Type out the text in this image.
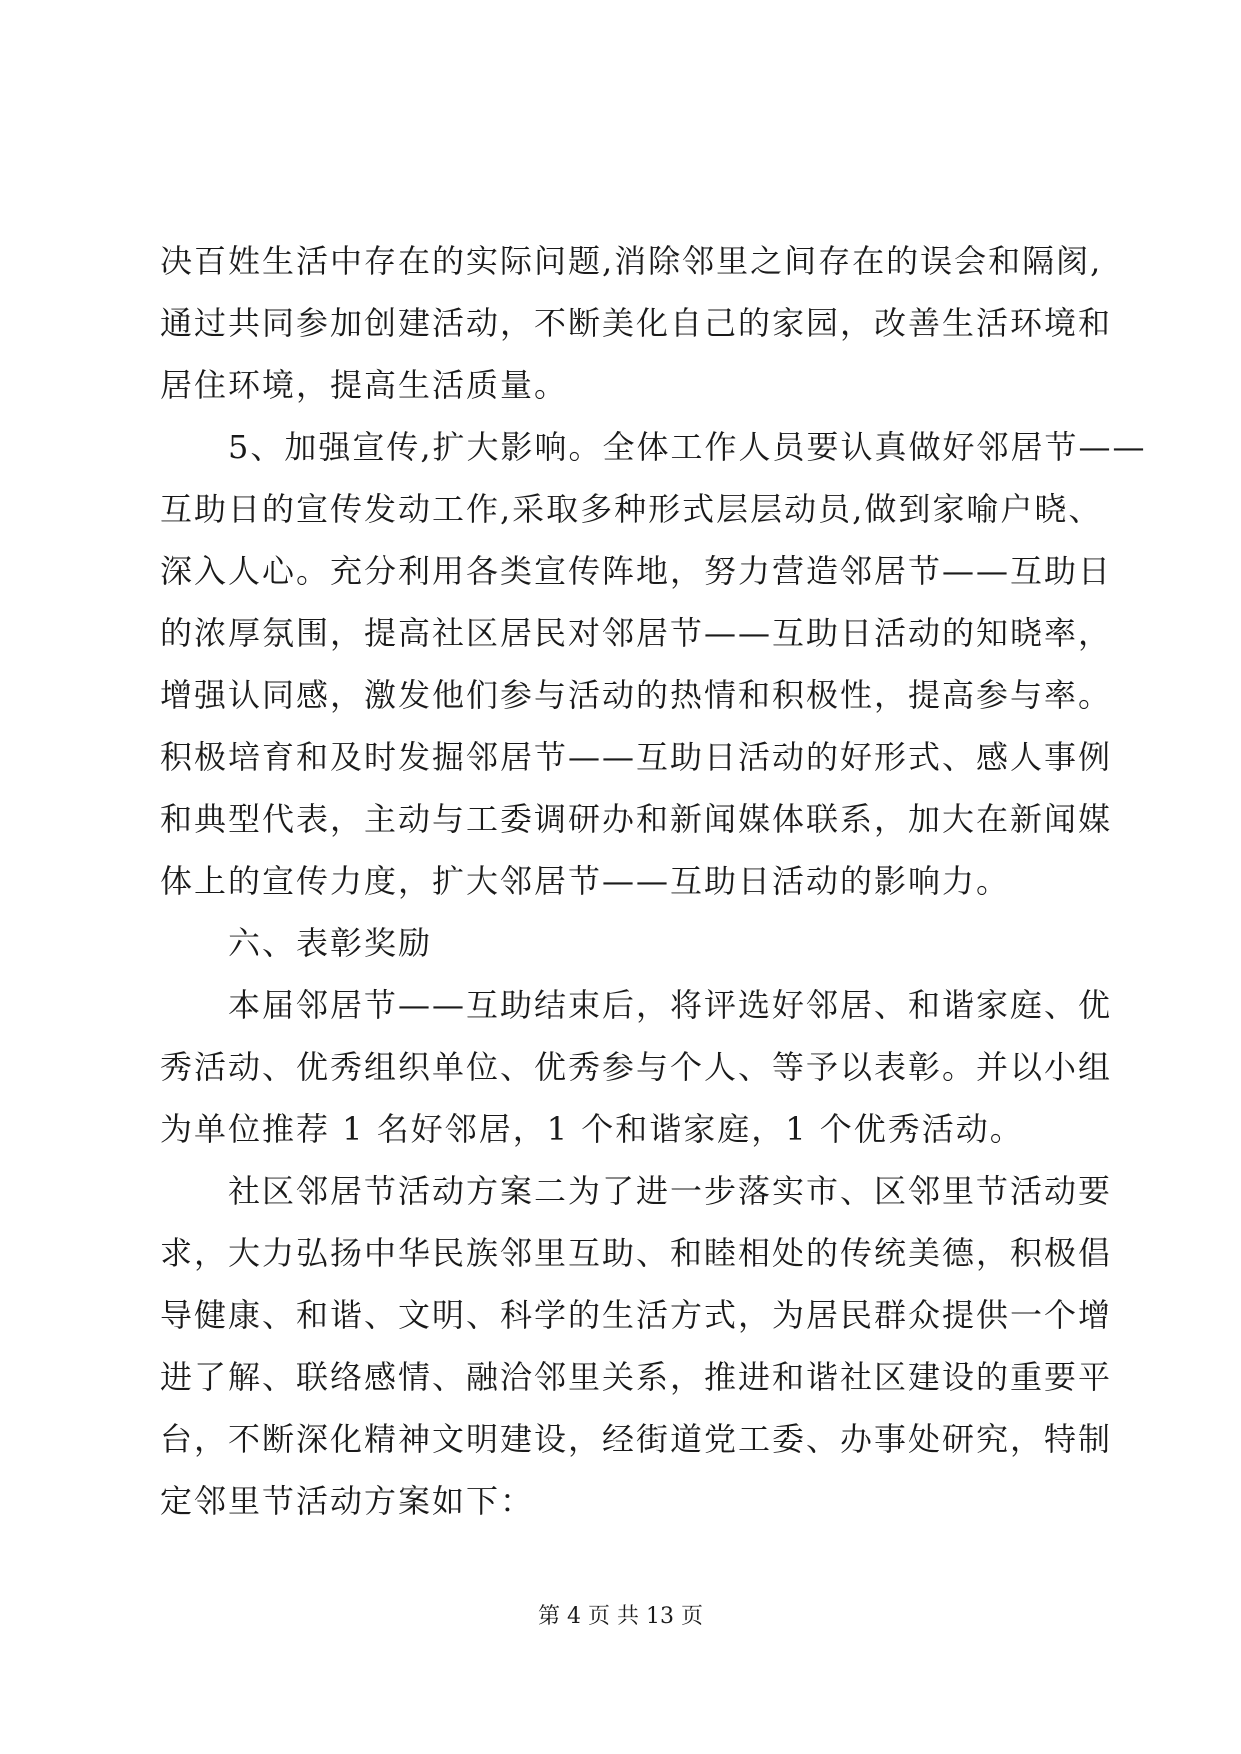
决百姓生活中存在的实际问题,消除邻里之间存在的误会和隔阂,
通过共同参加创建活动，不断美化自己的家园，改善生活环境和
居住环境，提高生活质量。
5、加强宣传,扩大影响。全体工作人员要认真做好邻居节——
互助日的宣传发动工作,采取多种形式层层动员,做到家喻户晓、
深入人心。充分利用各类宣传阵地，努力营造邻居节——互助日
的浓厚氛围，提高社区居民对邻居节——互助日活动的知晓率，
增强认同感，激发他们参与活动的热情和积极性，提高参与率。
积极培育和及时发掘邻居节——互助日活动的好形式、感人事例
和典型代表，主动与工委调研办和新闻媒体联系，加大在新闻媒
体上的宣传力度，扩大邻居节——互助日活动的影响力。
六、表彰奖励
本届邻居节——互助结束后，将评选好邻居、和谐家庭、优
秀活动、优秀组织单位、优秀参与个人、等予以表彰。并以小组
为单位推荐 1 名好邻居，1 个和谐家庭，1 个优秀活动。
社区邻居节活动方案二为了进一步落实市、区邻里节活动要
求，大力弘扬中华民族邻里互助、和睦相处的传统美德，积极倡
导健康、和谐、文明、科学的生活方式，为居民群众提供一个增
进了解、联络感情、融洽邻里关系，推进和谐社区建设的重要平
台，不断深化精神文明建设，经街道党工委、办事处研究，特制
定邻里节活动方案如下：
第 4 页 共 13 页
